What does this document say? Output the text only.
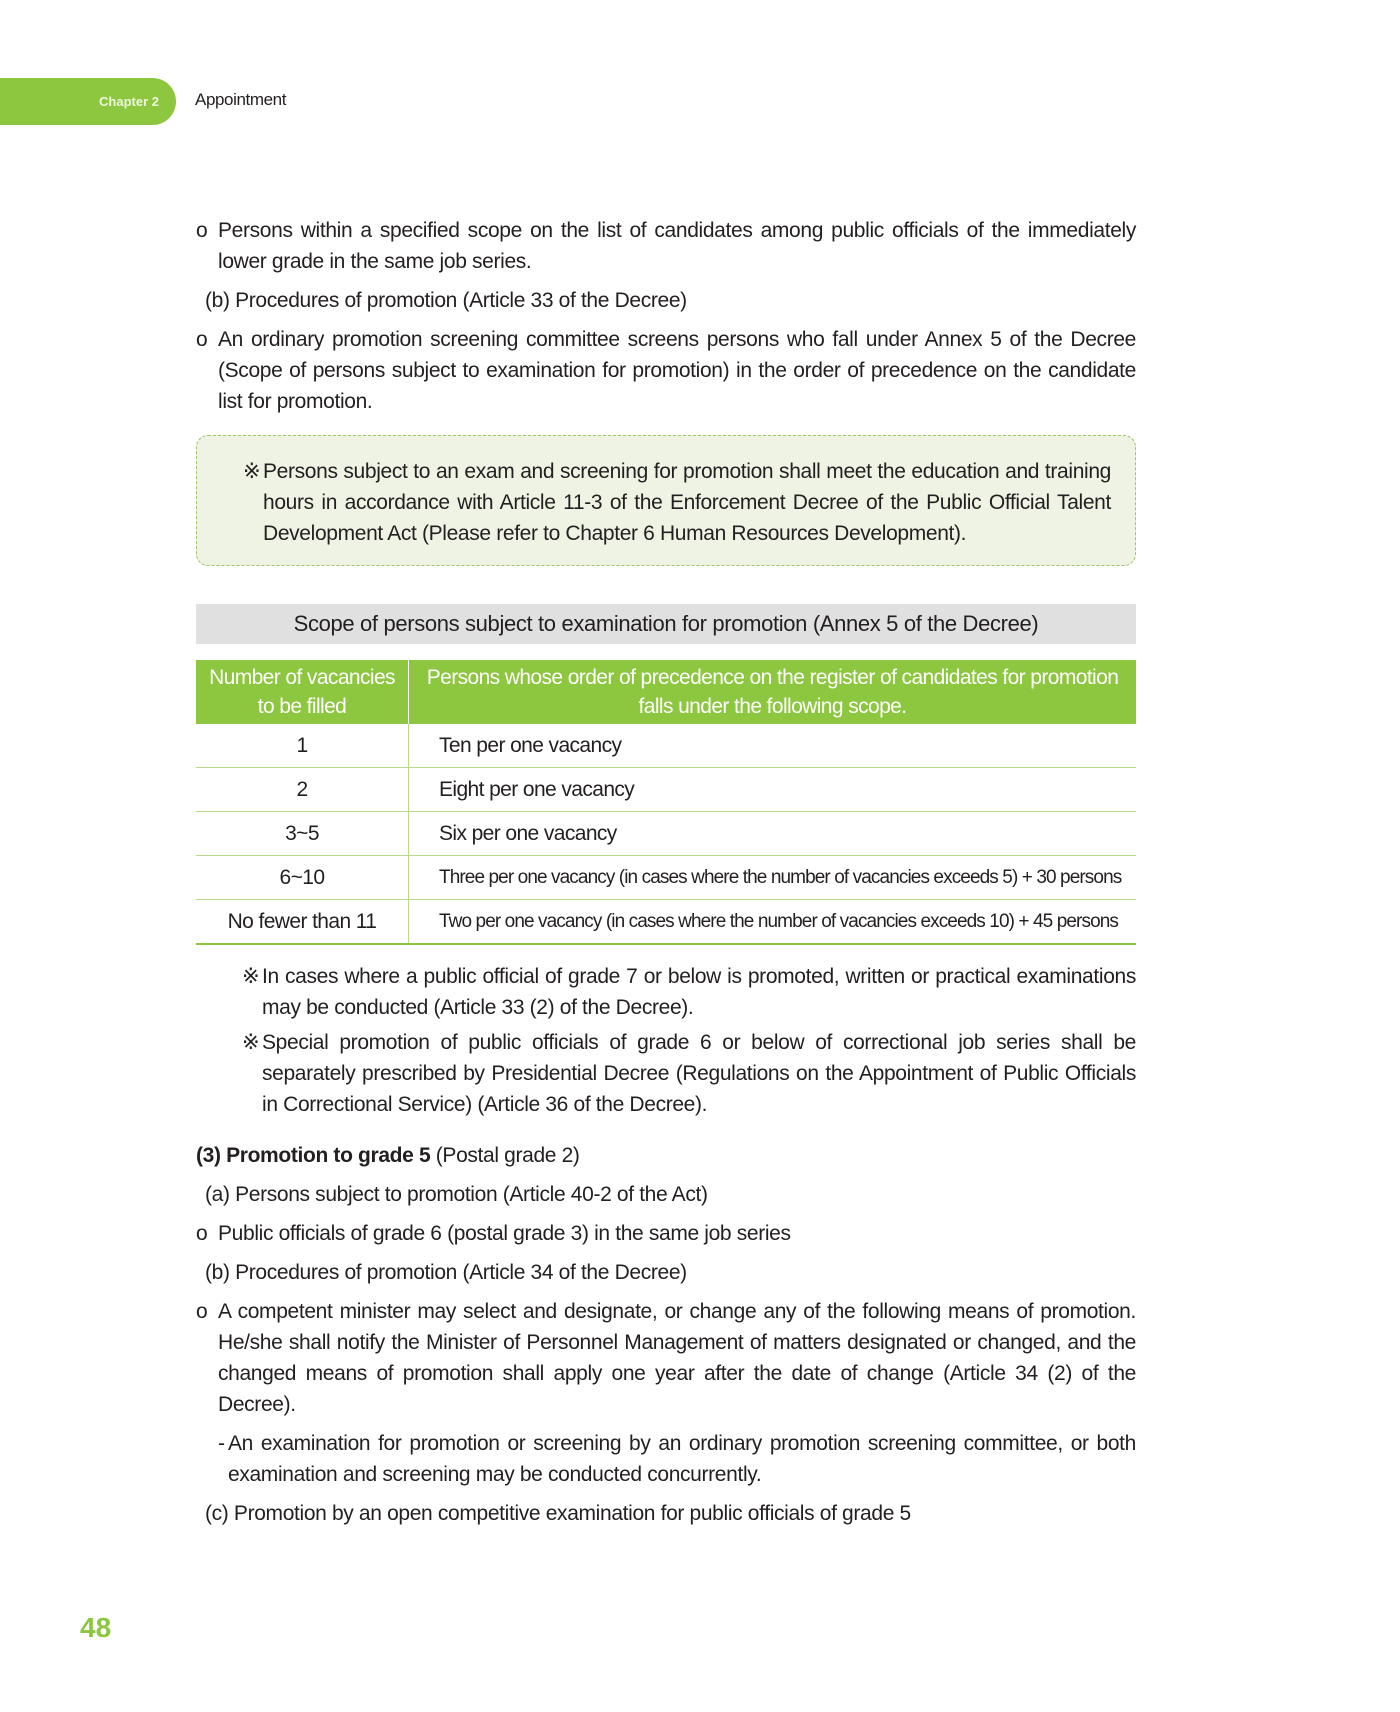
Chapter 2 Appointment
o Persons within a specified scope on the list of candidates among public officials of the immediately lower grade in the same job series.
(b) Procedures of promotion (Article 33 of the Decree)
o An ordinary promotion screening committee screens persons who fall under Annex 5 of the Decree (Scope of persons subject to examination for promotion) in the order of precedence on the candidate list for promotion.
※ Persons subject to an exam and screening for promotion shall meet the education and training hours in accordance with Article 11-3 of the Enforcement Decree of the Public Official Talent Development Act (Please refer to Chapter 6 Human Resources Development).
Scope of persons subject to examination for promotion (Annex 5 of the Decree)
Number of vacancies to be filled	Persons whose order of precedence on the register of candidates for promotion falls under the following scope.
1	Ten per one vacancy
2	Eight per one vacancy
3~5	Six per one vacancy
6~10	Three per one vacancy (in cases where the number of vacancies exceeds 5) + 30 persons
No fewer than 11	Two per one vacancy (in cases where the number of vacancies exceeds 10) + 45 persons
※ In cases where a public official of grade 7 or below is promoted, written or practical examinations may be conducted (Article 33 (2) of the Decree).
※ Special promotion of public officials of grade 6 or below of correctional job series shall be separately prescribed by Presidential Decree (Regulations on the Appointment of Public Officials in Correctional Service) (Article 36 of the Decree).
(3) Promotion to grade 5 (Postal grade 2)
(a) Persons subject to promotion (Article 40-2 of the Act)
o Public officials of grade 6 (postal grade 3) in the same job series
(b) Procedures of promotion (Article 34 of the Decree)
o A competent minister may select and designate, or change any of the following means of promotion. He/she shall notify the Minister of Personnel Management of matters designated or changed, and the changed means of promotion shall apply one year after the date of change (Article 34 (2) of the Decree).
- An examination for promotion or screening by an ordinary promotion screening committee, or both examination and screening may be conducted concurrently.
(c) Promotion by an open competitive examination for public officials of grade 5
48
